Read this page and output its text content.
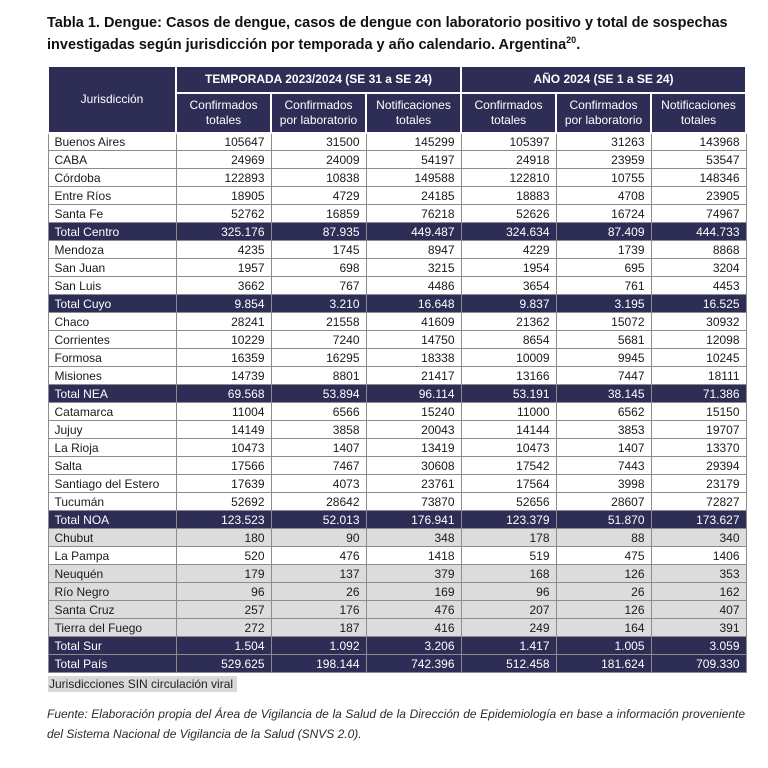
Tabla 1. Dengue: Casos de dengue, casos de dengue con laboratorio positivo y total de sospechas investigadas según jurisdicción por temporada y año calendario. Argentina$^{20}$.
Jurisdicción	TEMPORADA 2023/2024 (SE 31 a SE 24)			AÑO 2024 (SE 1 a SE 24)		
	Confirmados totales	Confirmados por laboratorio	Notificaciones totales	Confirmados totales	Confirmados por laboratorio	Notificaciones totales
Buenos Aires	105647	31500	145299	105397	31263	143968
CABA	24969	24009	54197	24918	23959	53547
Córdoba	122893	10838	149588	122810	10755	148346
Entre Ríos	18905	4729	24185	18883	4708	23905
Santa Fe	52762	16859	76218	52626	16724	74967
Total Centro	325.176	87.935	449.487	324.634	87.409	444.733
Mendoza	4235	1745	8947	4229	1739	8868
San Juan	1957	698	3215	1954	695	3204
San Luis	3662	767	4486	3654	761	4453
Total Cuyo	9.854	3.210	16.648	9.837	3.195	16.525
Chaco	28241	21558	41609	21362	15072	30932
Corrientes	10229	7240	14750	8654	5681	12098
Formosa	16359	16295	18338	10009	9945	10245
Misiones	14739	8801	21417	13166	7447	18111
Total NEA	69.568	53.894	96.114	53.191	38.145	71.386
Catamarca	11004	6566	15240	11000	6562	15150
Jujuy	14149	3858	20043	14144	3853	19707
La Rioja	10473	1407	13419	10473	1407	13370
Salta	17566	7467	30608	17542	7443	29394
Santiago del Estero	17639	4073	23761	17564	3998	23179
Tucumán	52692	28642	73870	52656	28607	72827
Total NOA	123.523	52.013	176.941	123.379	51.870	173.627
Chubut	180	90	348	178	88	340
La Pampa	520	476	1418	519	475	1406
Neuquén	179	137	379	168	126	353
Río Negro	96	26	169	96	26	162
Santa Cruz	257	176	476	207	126	407
Tierra del Fuego	272	187	416	249	164	391
Total Sur	1.504	1.092	3.206	1.417	1.005	3.059
Total País	529.625	198.144	742.396	512.458	181.624	709.330
Jurisdicciones SIN circulación viral
Fuente: Elaboración propia del Área de Vigilancia de la Salud de la Dirección de Epidemiología en base a información proveniente del Sistema Nacional de Vigilancia de la Salud (SNVS 2.0).
